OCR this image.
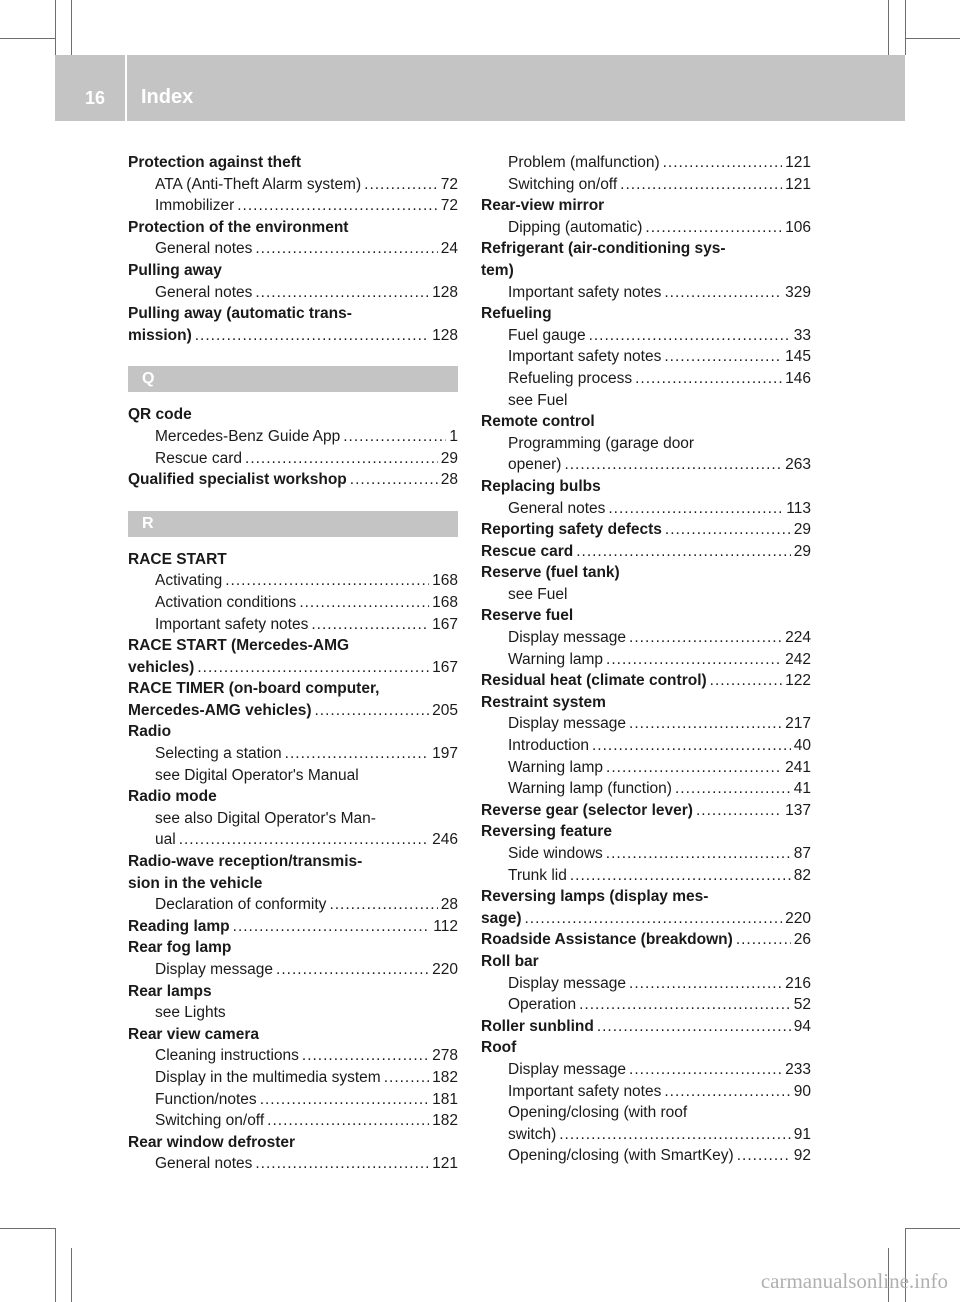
16 Index
Protection against theft
ATA (Anti-Theft Alarm system) .....	72
Immobilizer .....	72
Protection of the environment
General notes .....	24
Pulling away
General notes .....	128
Pulling away (automatic trans-
mission) .....	128
Q
QR code
Mercedes-Benz Guide App .....	1
Rescue card .....	29
Qualified specialist workshop .....	28
R
RACE START
Activating .....	168
Activation conditions .....	168
Important safety notes .....	167
RACE START (Mercedes-AMG
vehicles) .....	167
RACE TIMER (on-board computer,
Mercedes-AMG vehicles) .....	205
Radio
Selecting a station .....	197
see Digital Operator's Manual
Radio mode
see also Digital Operator's Man-
ual .....	246
Radio-wave reception/transmis-
sion in the vehicle
Declaration of conformity .....	28
Reading lamp .....	112
Rear fog lamp
Display message .....	220
Rear lamps
see Lights
Rear view camera
Cleaning instructions .....	278
Display in the multimedia system .....	182
Function/notes .....	181
Switching on/off .....	182
Rear window defroster
General notes .....	121
Problem (malfunction) .....	121
Switching on/off .....	121
Rear-view mirror
Dipping (automatic) .....	106
Refrigerant (air-conditioning sys-
tem)
Important safety notes .....	329
Refueling
Fuel gauge .....	33
Important safety notes .....	145
Refueling process .....	146
see Fuel
Remote control
Programming (garage door
opener) .....	263
Replacing bulbs
General notes .....	113
Reporting safety defects .....	29
Rescue card .....	29
Reserve (fuel tank)
see Fuel
Reserve fuel
Display message .....	224
Warning lamp .....	242
Residual heat (climate control) .....	122
Restraint system
Display message .....	217
Introduction .....	40
Warning lamp .....	241
Warning lamp (function) .....	41
Reverse gear (selector lever) .....	137
Reversing feature
Side windows .....	87
Trunk lid .....	82
Reversing lamps (display mes-
sage) .....	220
Roadside Assistance (breakdown) .....	26
Roll bar
Display message .....	216
Operation .....	52
Roller sunblind .....	94
Roof
Display message .....	233
Important safety notes .....	90
Opening/closing (with roof
switch) .....	91
Opening/closing (with SmartKey) .....	92
carmanualsonline.info
